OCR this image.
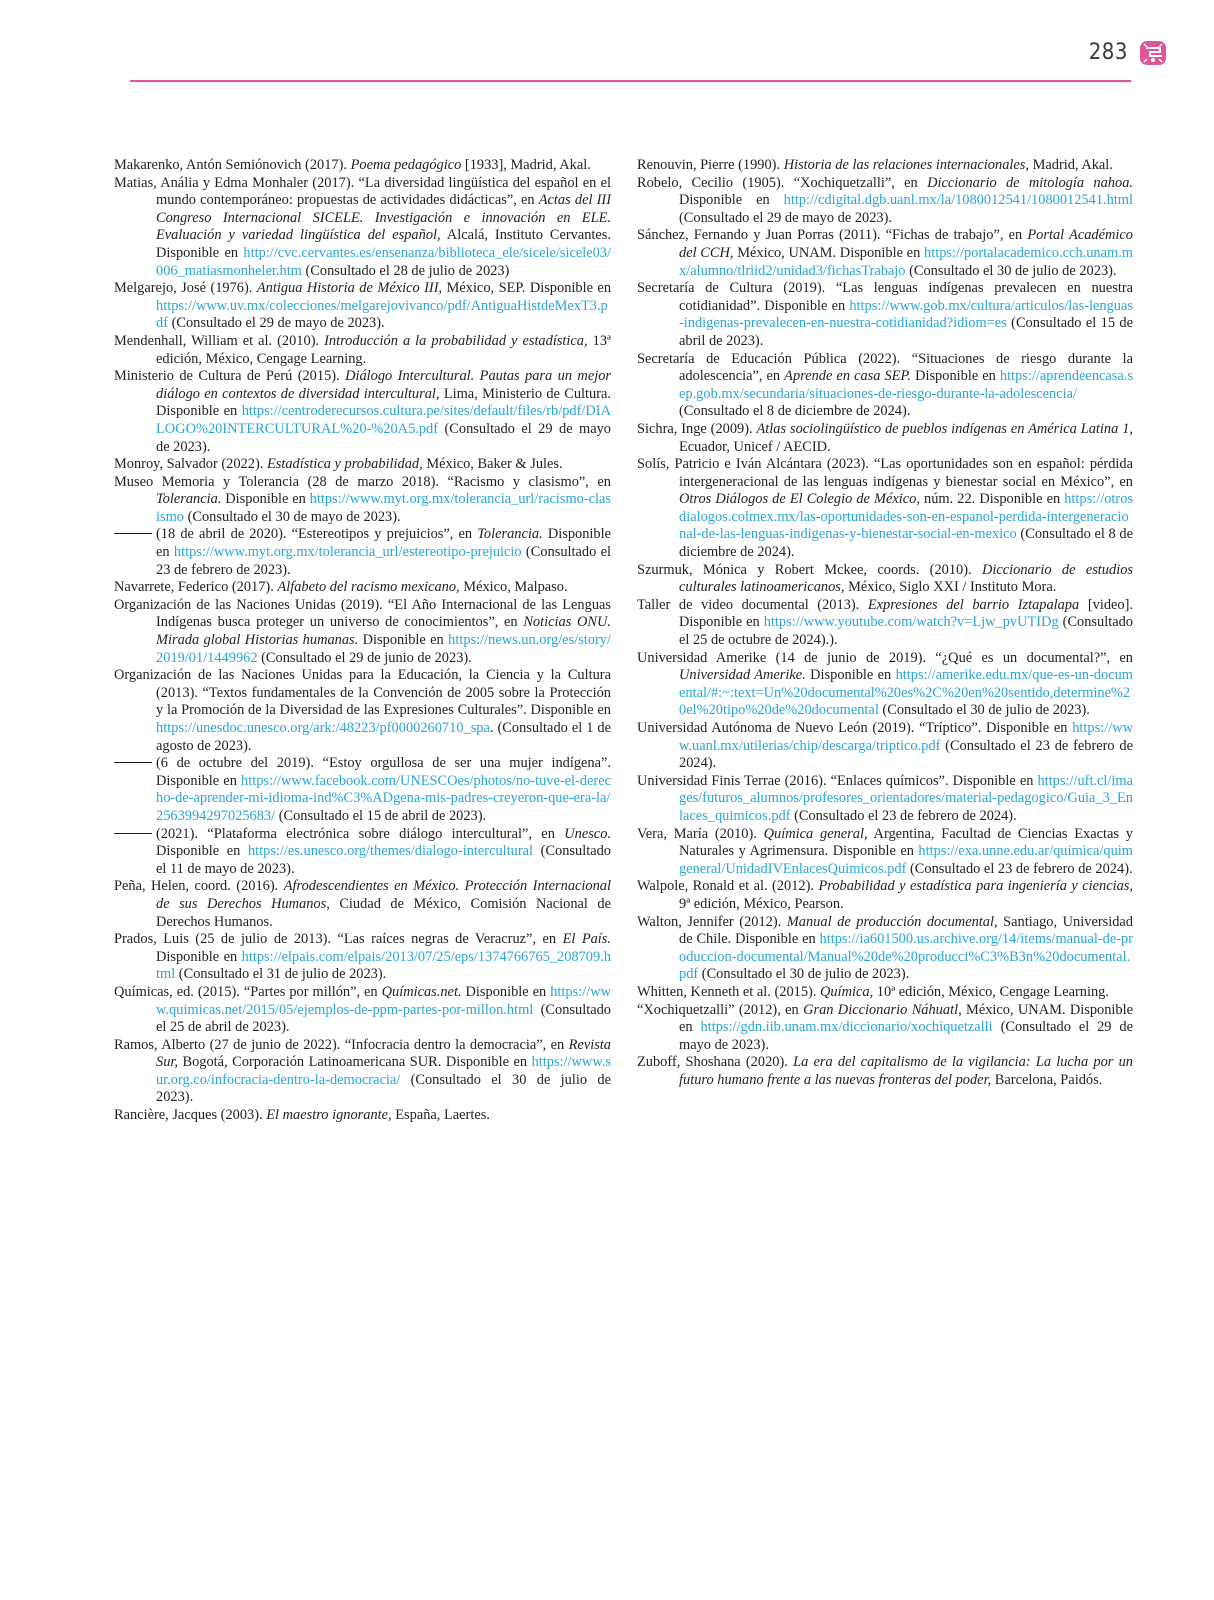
283

Makarenko, Antón Semiónovich (2017). Poema pedagógico [1933], Madrid, Akal.

Matias, Anália y Edma Monhaler (2017). “La diversidad lingüística del español en el mundo contemporáneo: propuestas de actividades didácticas”, en Actas del III Congreso Internacional SICELE. Investigación e innovación en ELE. Evaluación y variedad lingüística del español, Alcalá, Instituto Cervantes. Disponible en http://cvc.cervantes.es/ensenanza/biblioteca_ele/sicele/sicele03/006_matiasmonheler.htm (Consultado el 28 de julio de 2023)

Melgarejo, José (1976). Antigua Historia de México III, México, SEP. Disponible en https://www.uv.mx/colecciones/melgarejovivanco/pdf/AntiguaHistdeMexT3.pdf (Consultado el 29 de mayo de 2023).

Mendenhall, William et al. (2010). Introducción a la probabilidad y estadística, 13ª edición, México, Cengage Learning.

Ministerio de Cultura de Perú (2015). Diálogo Intercultural. Pautas para un mejor diálogo en contextos de diversidad intercultural, Lima, Ministerio de Cultura. Disponible en https://centroderecursos.cultura.pe/sites/default/files/rb/pdf/DIALOGO%20INTERCULTURAL%20-%20A5.pdf (Consultado el 29 de mayo de 2023).

Monroy, Salvador (2022). Estadística y probabilidad, México, Baker & Jules.

Museo Memoria y Tolerancia (28 de marzo 2018). “Racismo y clasismo”, en Tolerancia. Disponible en https://www.myt.org.mx/tolerancia_url/racismo-clasismo (Consultado el 30 de mayo de 2023).

(18 de abril de 2020). “Estereotipos y prejuicios”, en Tolerancia. Disponible en https://www.myt.org.mx/tolerancia_url/estereotipo-prejuicio (Consultado el 23 de febrero de 2023).

Navarrete, Federico (2017). Alfabeto del racismo mexicano, México, Malpaso.

Organización de las Naciones Unidas (2019). “El Año Internacional de las Lenguas Indígenas busca proteger un universo de conocimientos”, en Noticias ONU. Mirada global Historias humanas. Disponible en https://news.un.org/es/story/2019/01/1449962 (Consultado el 29 de junio de 2023).

Organización de las Naciones Unidas para la Educación, la Ciencia y la Cultura (2013). “Textos fundamentales de la Convención de 2005 sobre la Protección y la Promoción de la Diversidad de las Expresiones Culturales”. Disponible en https://unesdoc.unesco.org/ark:/48223/pf0000260710_spa. (Consultado el 1 de agosto de 2023).

(6 de octubre del 2019). “Estoy orgullosa de ser una mujer indígena”. Disponible en https://www.facebook.com/UNESCOes/photos/no-tuve-el-derecho-de-aprender-mi-idioma-ind%C3%ADgena-mis-padres-creyeron-que-era-la/2563994297025683/ (Consultado el 15 de abril de 2023).

(2021). “Plataforma electrónica sobre diálogo intercultural”, en Unesco. Disponible en https://es.unesco.org/themes/dialogo-intercultural (Consultado el 11 de mayo de 2023).

Peña, Helen, coord. (2016). Afrodescendientes en México. Protección Internacional de sus Derechos Humanos, Ciudad de México, Comisión Nacional de Derechos Humanos.

Prados, Luis (25 de julio de 2013). “Las raíces negras de Veracruz”, en El País. Disponible en https://elpais.com/elpais/2013/07/25/eps/1374766765_208709.html (Consultado el 31 de julio de 2023).

Químicas, ed. (2015). “Partes por millón”, en Químicas.net. Disponible en https://www.quimicas.net/2015/05/ejemplos-de-ppm-partes-por-millon.html (Consultado el 25 de abril de 2023).

Ramos, Alberto (27 de junio de 2022). “Infocracia dentro la democracia”, en Revista Sur, Bogotá, Corporación Latinoamericana SUR. Disponible en https://www.sur.org.co/infocracia-dentro-la-democracia/ (Consultado el 30 de julio de 2023).

Rancière, Jacques (2003). El maestro ignorante, España, Laertes.

Renouvin, Pierre (1990). Historia de las relaciones internacionales, Madrid, Akal.

Robelo, Cecilio (1905). “Xochiquetzalli”, en Diccionario de mitología nahoa. Disponible en http://cdigital.dgb.uanl.mx/la/1080012541/1080012541.html (Consultado el 29 de mayo de 2023).

Sánchez, Fernando y Juan Porras (2011). “Fichas de trabajo”, en Portal Académico del CCH, México, UNAM. Disponible en https://portalacademico.cch.unam.mx/alumno/tlriid2/unidad3/fichasTrabajo (Consultado el 30 de julio de 2023).

Secretaría de Cultura (2019). “Las lenguas indígenas prevalecen en nuestra cotidianidad”. Disponible en https://www.gob.mx/cultura/articulos/las-lenguas-indigenas-prevalecen-en-nuestra-cotidianidad?idiom=es (Consultado el 15 de abril de 2023).

Secretaría de Educación Pública (2022). “Situaciones de riesgo durante la adolescencia”, en Aprende en casa SEP. Disponible en https://aprendeencasa.sep.gob.mx/secundaria/situaciones-de-riesgo-durante-la-adolescencia/ (Consultado el 8 de diciembre de 2024).

Sichra, Inge (2009). Atlas sociolingüístico de pueblos indígenas en América Latina 1, Ecuador, Unicef / AECID.

Solís, Patricio e Iván Alcántara (2023). “Las oportunidades son en español: pérdida intergeneracional de las lenguas indígenas y bienestar social en México”, en Otros Diálogos de El Colegio de México, núm. 22. Disponible en https://otrosdialogos.colmex.mx/las-oportunidades-son-en-espanol-perdida-intergeneracional-de-las-lenguas-indigenas-y-bienestar-social-en-mexico (Consultado el 8 de diciembre de 2024).

Szurmuk, Mónica y Robert Mckee, coords. (2010). Diccionario de estudios culturales latinoamericanos, México, Siglo XXI / Instituto Mora.

Taller de video documental (2013). Expresiones del barrio Iztapalapa [video]. Disponible en https://www.youtube.com/watch?v=Ljw_pvUTIDg (Consultado el 25 de octubre de 2024).).

Universidad Amerike (14 de junio de 2019). “¿Qué es un documental?”, en Universidad Amerike. Disponible en https://amerike.edu.mx/que-es-un-documental/#:~:text=Un%20documental%20es%2C%20en%20sentido,determine%20el%20tipo%20de%20documental (Consultado el 30 de julio de 2023).

Universidad Autónoma de Nuevo León (2019). “Tríptico”. Disponible en https://www.uanl.mx/utilerias/chip/descarga/triptico.pdf (Consultado el 23 de febrero de 2024).

Universidad Finis Terrae (2016). “Enlaces químicos”. Disponible en https://uft.cl/images/futuros_alumnos/profesores_orientadores/material-pedagogico/Guia_3_Enlaces_quimicos.pdf (Consultado el 23 de febrero de 2024).

Vera, María (2010). Química general, Argentina, Facultad de Ciencias Exactas y Naturales y Agrimensura. Disponible en https://exa.unne.edu.ar/quimica/quimgeneral/UnidadIVEnlacesQuimicos.pdf (Consultado el 23 de febrero de 2024).

Walpole, Ronald et al. (2012). Probabilidad y estadística para ingeniería y ciencias, 9ª edición, México, Pearson.

Walton, Jennifer (2012). Manual de producción documental, Santiago, Universidad de Chile. Disponible en https://ia601500.us.archive.org/14/items/manual-de-produccion-documental/Manual%20de%20producci%C3%B3n%20documental.pdf (Consultado el 30 de julio de 2023).

Whitten, Kenneth et al. (2015). Química, 10ª edición, México, Cengage Learning.

“Xochiquetzalli” (2012), en Gran Diccionario Náhuatl, México, UNAM. Disponible en https://gdn.iib.unam.mx/diccionario/xochiquetzalli (Consultado el 29 de mayo de 2023).

Zuboff, Shoshana (2020). La era del capitalismo de la vigilancia: La lucha por un futuro humano frente a las nuevas fronteras del poder, Barcelona, Paidós.
